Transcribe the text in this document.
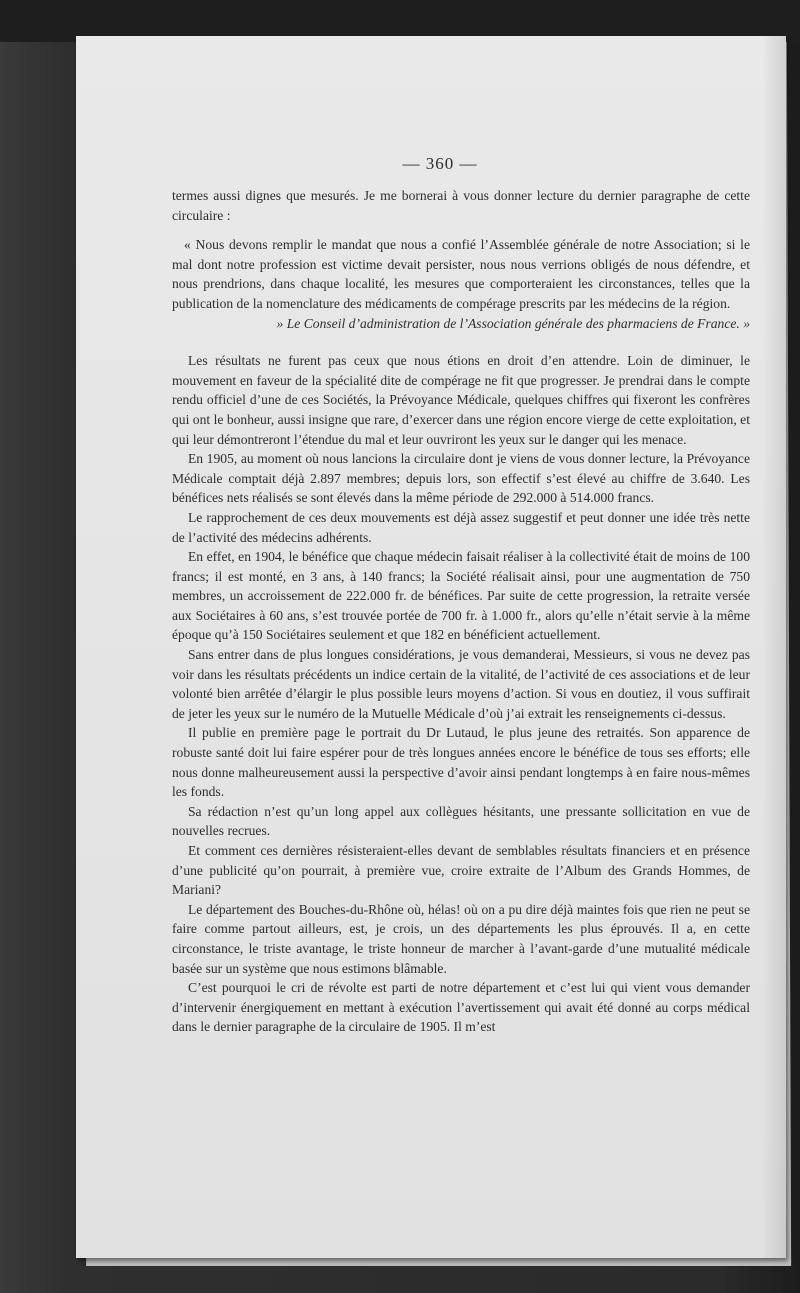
— 360 —

termes aussi dignes que mesurés. Je me bornerai à vous donner lecture du dernier paragraphe de cette circulaire :

« Nous devons remplir le mandat que nous a confié l’Assemblée générale de notre Association; si le mal dont notre profession est victime devait persister, nous nous verrions obligés de nous défendre, et nous prendrions, dans chaque localité, les mesures que comporteraient les circonstances, telles que la publication de la nomenclature des médicaments de compérage prescrits par les médecins de la région.

» Le Conseil d’administration de l’Association générale des pharmaciens de France. »

Les résultats ne furent pas ceux que nous étions en droit d’en attendre. Loin de diminuer, le mouvement en faveur de la spécialité dite de compérage ne fit que progresser. Je prendrai dans le compte rendu officiel d’une de ces Sociétés, la Prévoyance Médicale, quelques chiffres qui fixeront les confrères qui ont le bonheur, aussi insigne que rare, d’exercer dans une région encore vierge de cette exploitation, et qui leur démontreront l’étendue du mal et leur ouvriront les yeux sur le danger qui les menace.

En 1905, au moment où nous lancions la circulaire dont je viens de vous donner lecture, la Prévoyance Médicale comptait déjà 2.897 membres; depuis lors, son effectif s’est élevé au chiffre de 3.640. Les bénéfices nets réalisés se sont élevés dans la même période de 292.000 à 514.000 francs.

Le rapprochement de ces deux mouvements est déjà assez suggestif et peut donner une idée très nette de l’activité des médecins adhérents.

En effet, en 1904, le bénéfice que chaque médecin faisait réaliser à la collectivité était de moins de 100 francs; il est monté, en 3 ans, à 140 francs; la Société réalisait ainsi, pour une augmentation de 750 membres, un accroissement de 222.000 fr. de bénéfices. Par suite de cette progression, la retraite versée aux Sociétaires à 60 ans, s’est trouvée portée de 700 fr. à 1.000 fr., alors qu’elle n’était servie à la même époque qu’à 150 Sociétaires seulement et que 182 en bénéficient actuellement.

Sans entrer dans de plus longues considérations, je vous demanderai, Messieurs, si vous ne devez pas voir dans les résultats précédents un indice certain de la vitalité, de l’activité de ces associations et de leur volonté bien arrêtée d’élargir le plus possible leurs moyens d’action. Si vous en doutiez, il vous suffirait de jeter les yeux sur le numéro de la Mutuelle Médicale d’où j’ai extrait les renseignements ci-dessus.

Il publie en première page le portrait du Dr Lutaud, le plus jeune des retraités. Son apparence de robuste santé doit lui faire espérer pour de très longues années encore le bénéfice de tous ses efforts; elle nous donne malheureusement aussi la perspective d’avoir ainsi pendant longtemps à en faire nous-mêmes les fonds.

Sa rédaction n’est qu’un long appel aux collègues hésitants, une pressante sollicitation en vue de nouvelles recrues.

Et comment ces dernières résisteraient-elles devant de semblables résultats financiers et en présence d’une publicité qu’on pourrait, à première vue, croire extraite de l’Album des Grands Hommes, de Mariani?

Le département des Bouches-du-Rhône où, hélas! où on a pu dire déjà maintes fois que rien ne peut se faire comme partout ailleurs, est, je crois, un des départements les plus éprouvés. Il a, en cette circonstance, le triste avantage, le triste honneur de marcher à l’avant-garde d’une mutualité médicale basée sur un système que nous estimons blâmable.

C’est pourquoi le cri de révolte est parti de notre département et c’est lui qui vient vous demander d’intervenir énergiquement en mettant à exécution l’avertissement qui avait été donné au corps médical dans le dernier paragraphe de la circulaire de 1905. Il m’est
